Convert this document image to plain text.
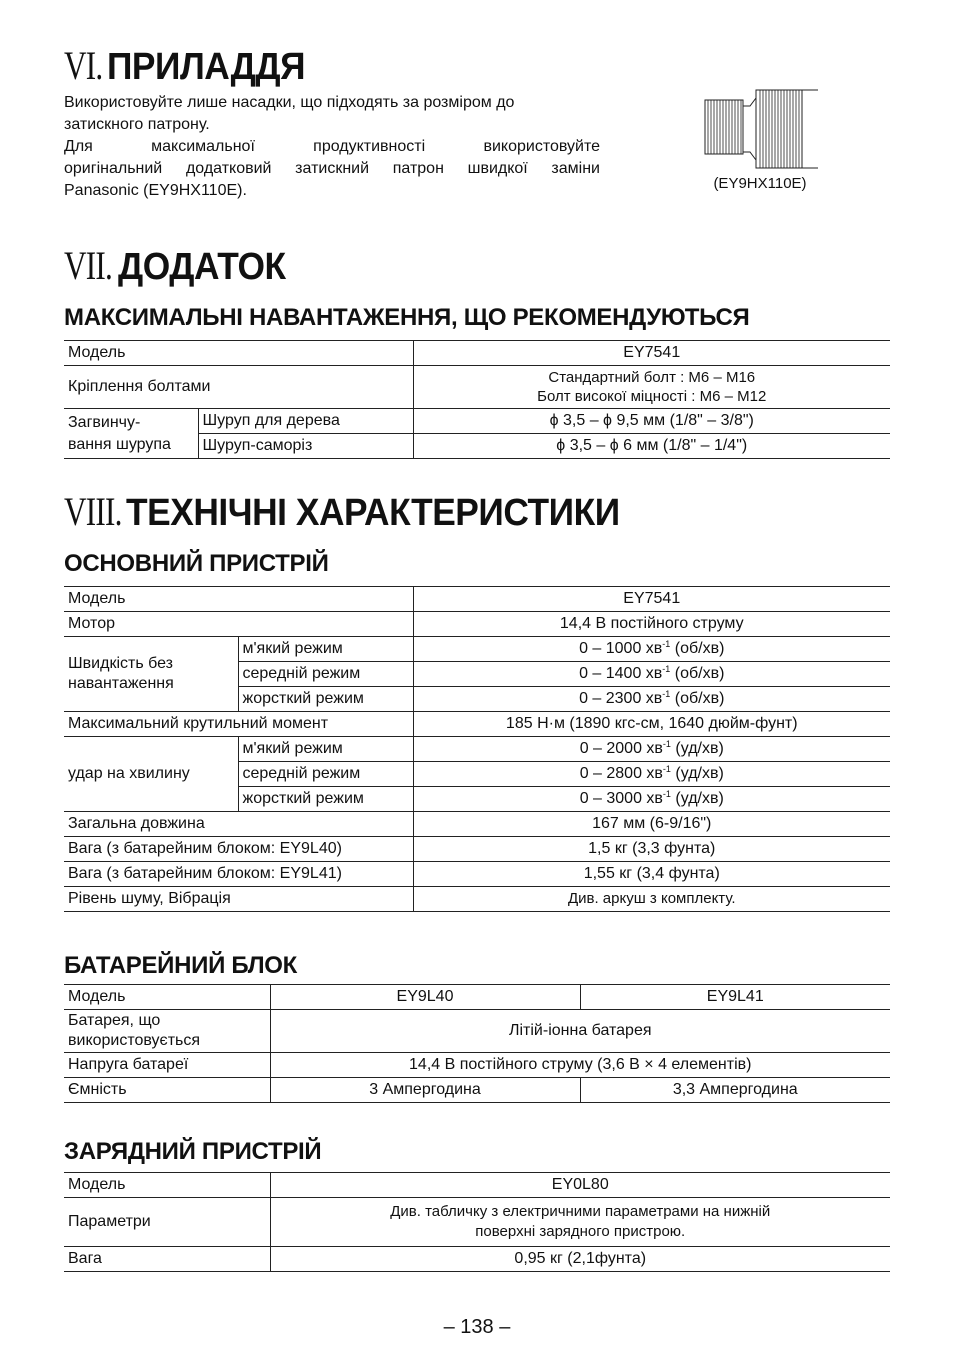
VI. ПРИЛАДДЯ
Використовуйте лише насадки, що підходять за розміром до
затискного патрону.
Для максимальної продуктивності використовуйте
оригінальний додатковий затискний патрон швидкої заміни
Panasonic (EY9HX110E).	(EY9HX110E)
VII. ДОДАТОК
МАКСИМАЛЬНІ НАВАНТАЖЕННЯ, ЩО РЕКОМЕНДУЮТЬСЯ
Модель		EY7541
Кріплення болтами		Стандартний болт : M6 – M16
Болт високої міцності : M6 – M12

Загвинчу-
вання шурупа	Шуруп для дерева	ϕ 3,5 – ϕ 9,5 мм (1/8" – 3/8")
	Шуруп-саморіз	ϕ 3,5 – ϕ 6 мм (1/8" – 1/4")
VIII. ТЕХНІЧНІ ХАРАКТЕРИСТИКИ
ОСНОВНИЙ ПРИСТРІЙ
Модель		EY7541
Мотор		14,4 В постійного струму

Швидкість без
навантаження	м'який режим	0 – 1000 $хв^{-1}$ (об/хв)
	середній режим	0 – 1400 $хв^{-1}$ (об/хв)
	жорсткий режим	0 – 2300 $хв^{-1}$ (об/хв)
Максимальний крутильний момент		185 Н·м (1890 кгс-см, 1640 дюйм-фунт)
удар на хвилину	м'який режим	0 – 2000 $хв^{-1}$ (уд/хв)
	середній режим	0 – 2800 $хв^{-1}$ (уд/хв)
	жорсткий режим	0 – 3000 $хв^{-1}$ (уд/хв)
Загальна довжина		167 мм (6-9/16")
Вага (з батарейним блоком: EY9L40)		1,5 кг (3,3 фунта)
Вага (з батарейним блоком: EY9L41)		1,55 кг (3,4 фунта)
Рівень шуму, Вібрація		Див. аркуш з комплекту.
БАТАРЕЙНИЙ БЛОК
Модель	EY9L40	EY9L41

Батарея, що
використовується	Літій-іонна батарея	
Напруга батареї	14,4 В постійного струму (3,6 В × 4 елементів)	
Ємність	3 Ампергодина	3,3 Ампергодина
ЗАРЯДНИЙ ПРИСТРІЙ
Модель	EY0L80
Параметри	Див. табличку з електричними параметрами на нижній
поверхні зарядного пристрою.

Вага	0,95 кг (2,1фунта)
– 138 –
